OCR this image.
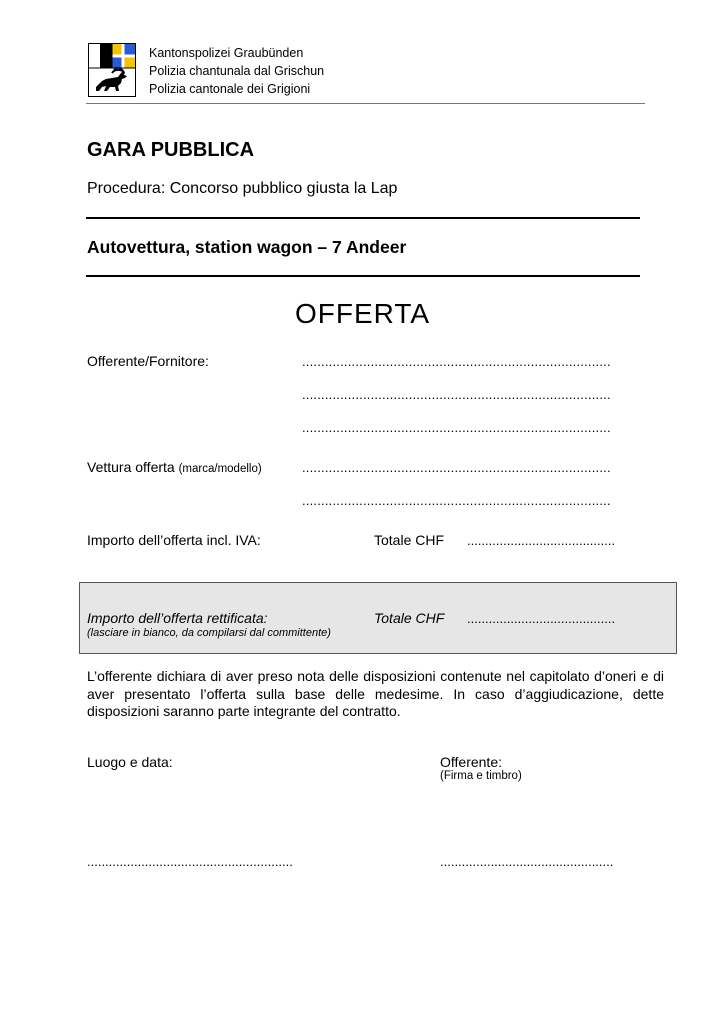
Kantonspolizei Graubünden
Polizia chantunala dal Grischun
Polizia cantonale dei Grigioni
GARA PUBBLICA
Procedura: Concorso pubblico giusta la Lap
Autovettura, station wagon – 7 Andeer
OFFERTA
Offerente/Fornitore:	.................................................................................
.................................................................................
.................................................................................
Vettura offerta (marca/modello)	.................................................................................
.................................................................................
Importo dell’offerta incl. IVA:	Totale CHF .........................................
Importo dell’offerta rettificata:
(lasciare in bianco, da compilarsi dal committente)
Totale CHF .........................................
L’offerente dichiara di aver preso nota delle disposizioni contenute nel capitolato d’oneri e di aver presentato l’offerta sulla base delle medesime. In caso d’aggiudicazione, dette disposizioni saranno parte integrante del contratto.
Luogo e data:	Offerente:
(Firma e timbro)
.........................................................	................................................
